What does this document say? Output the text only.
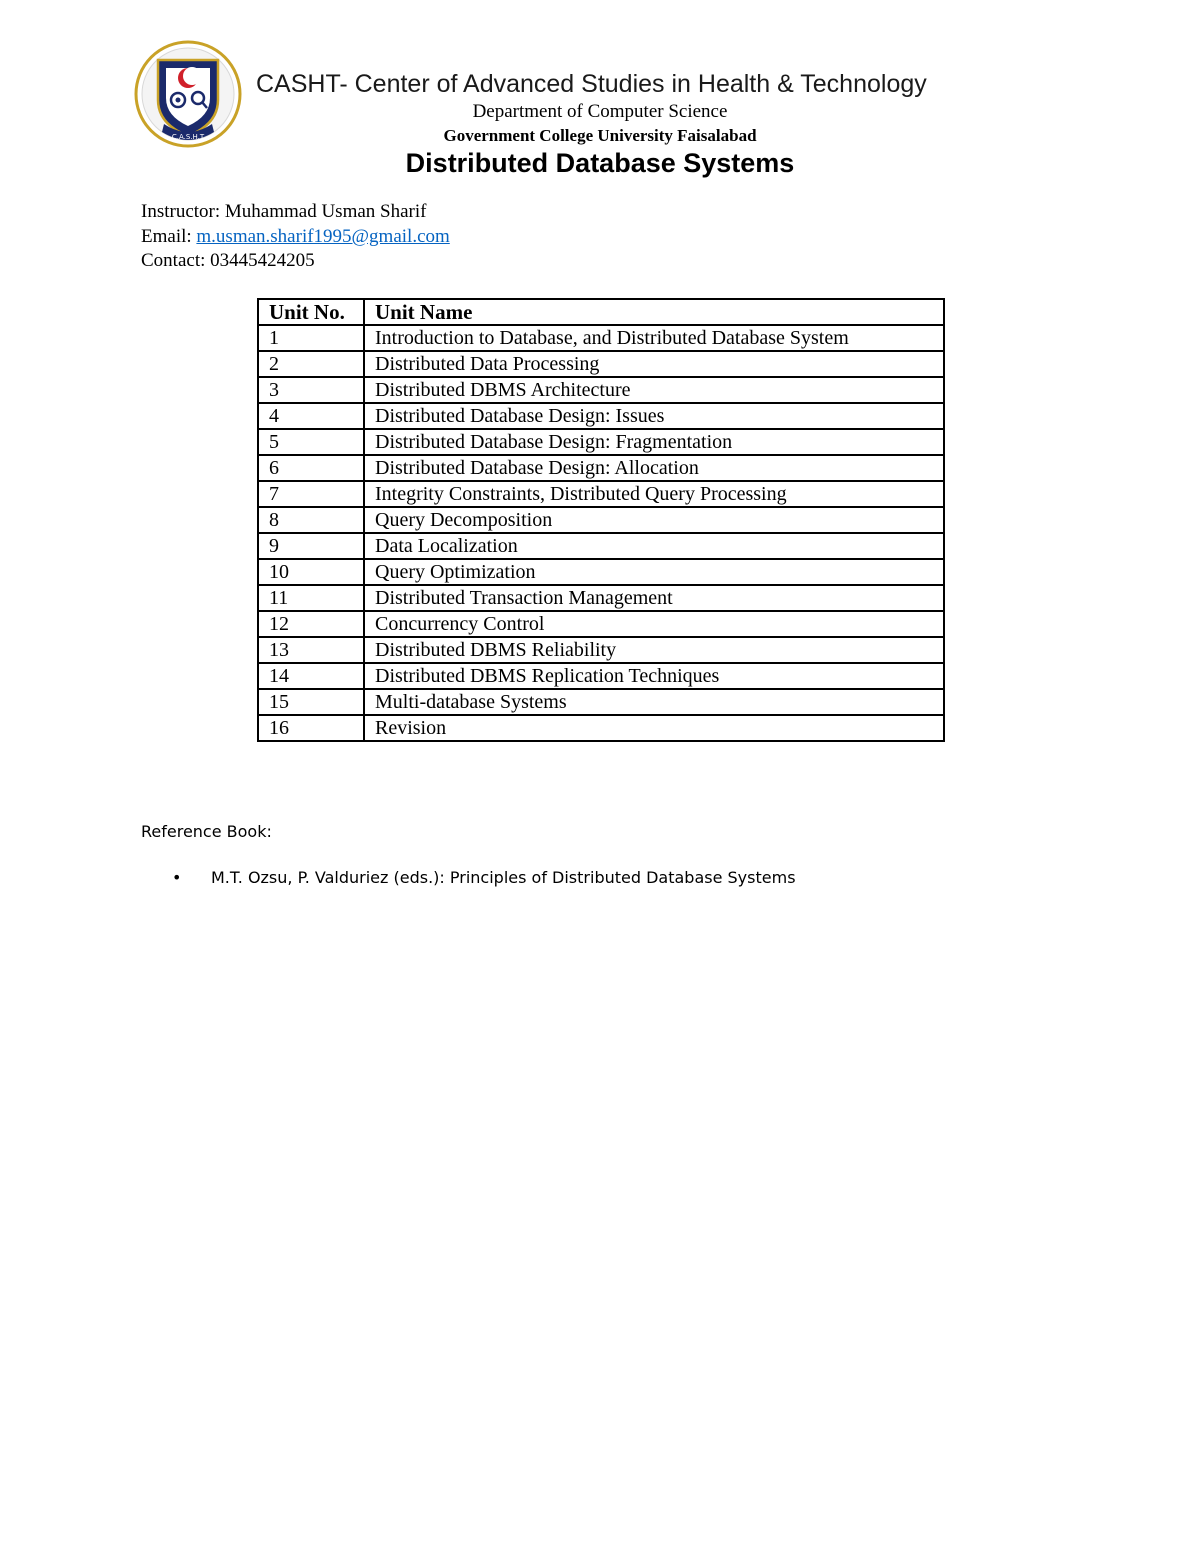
C.A.S.H.T
CASHT- Center of Advanced Studies in Health & Technology
Department of Computer Science
Government College University Faisalabad
Distributed Database Systems
Instructor: Muhammad Usman Sharif
Email: m.usman.sharif1995@gmail.com
Contact: 03445424205
Unit No.	Unit Name
1	Introduction to Database, and Distributed Database System
2	Distributed Data Processing
3	Distributed DBMS Architecture
4	Distributed Database Design: Issues
5	Distributed Database Design: Fragmentation
6	Distributed Database Design: Allocation
7	Integrity Constraints, Distributed Query Processing
8	Query Decomposition
9	Data Localization
10	Query Optimization
11	Distributed Transaction Management
12	Concurrency Control
13	Distributed DBMS Reliability
14	Distributed DBMS Replication Techniques
15	Multi-database Systems
16	Revision
Reference Book:
• M.T. Ozsu, P. Valduriez (eds.): Principles of Distributed Database Systems
